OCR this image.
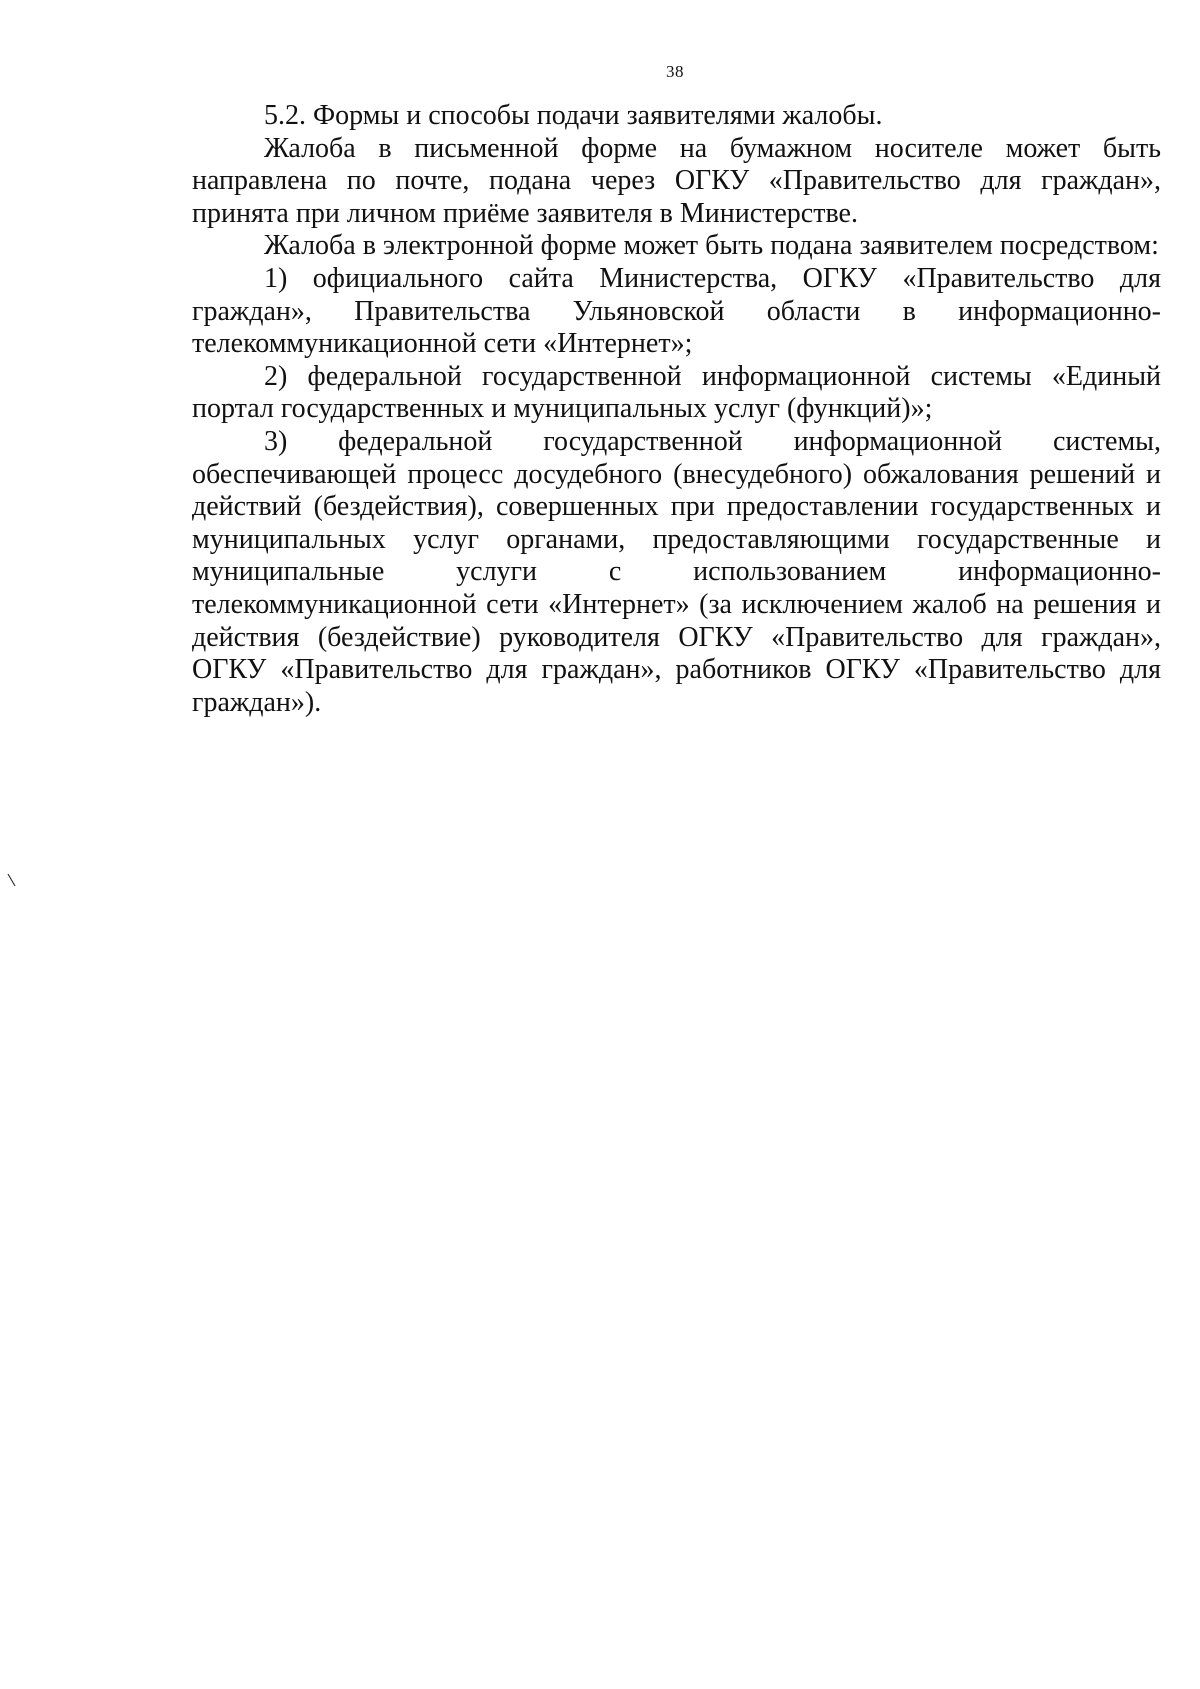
38

5.2. Формы и способы подачи заявителями жалобы.

Жалоба в письменной форме на бумажном носителе может быть направлена по почте, подана через ОГКУ «Правительство для граждан», принята при личном приёме заявителя в Министерстве.

Жалоба в электронной форме может быть подана заявителем посредством:

1) официального сайта Министерства, ОГКУ «Правительство для граждан», Правительства Ульяновской области в информационно-телекоммуникационной сети «Интернет»;

2) федеральной государственной информационной системы «Единый портал государственных и муниципальных услуг (функций)»;

3) федеральной государственной информационной системы, обеспечивающей процесс досудебного (внесудебного) обжалования решений и действий (бездействия), совершенных при предоставлении государственных и муниципальных услуг органами, предоставляющими государственные и муниципальные услуги с использованием информационно-телекоммуникационной сети «Интернет» (за исключением жалоб на решения и действия (бездействие) руководителя ОГКУ «Правительство для граждан», ОГКУ «Правительство для граждан», работников ОГКУ «Правительство для граждан»).
